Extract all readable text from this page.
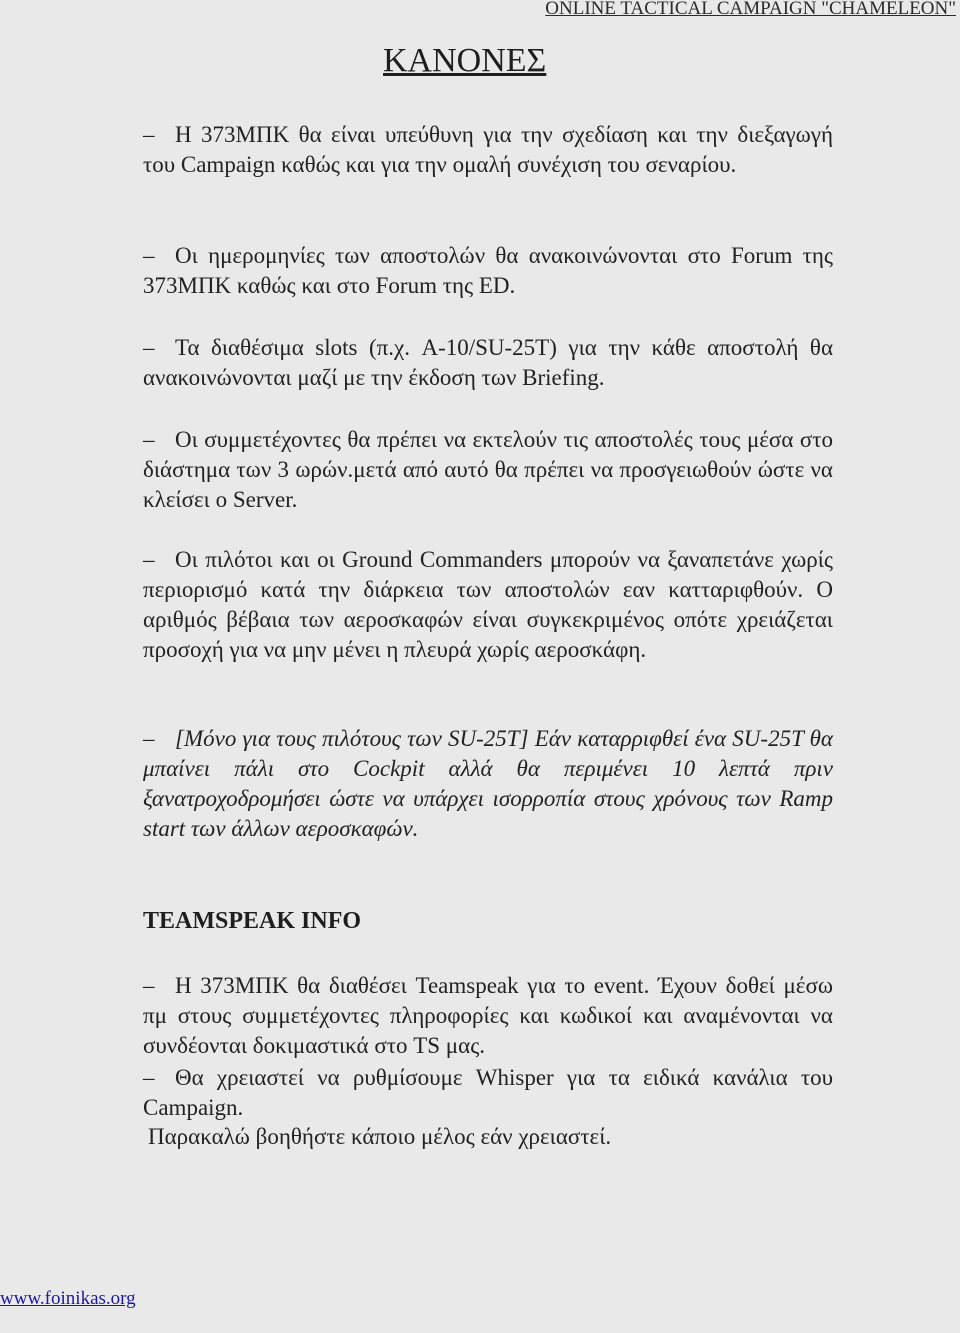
ONLINE TACTICAL CAMPAIGN "CHAMELEON"
ΚΑΝΟΝΕΣ
– Η 373ΜΠΚ θα είναι υπεύθυνη για την σχεδίαση και την διεξαγωγή του Campaign καθώς και για την ομαλή συνέχιση του σεναρίου.
– Οι ημερομηνίες των αποστολών θα ανακοινώνονται στο Forum της 373ΜΠΚ καθώς και στο Forum της ED.
– Τα διαθέσιμα slots (π.χ. A-10/SU-25T) για την κάθε αποστολή θα ανακοινώνονται μαζί με την έκδοση των Briefing.
– Οι συμμετέχοντες θα πρέπει να εκτελούν τις αποστολές τους μέσα στο διάστημα των 3 ωρών.μετά από αυτό θα πρέπει να προσγειωθούν ώστε να κλείσει ο Server.
– Οι πιλότοι και οι Ground Commanders μπορούν να ξαναπετάνε χωρίς περιορισμό κατά την διάρκεια των αποστολών εαν κατταριφθούν. Ο αριθμός βέβαια των αεροσκαφών είναι συγκεκριμένος οπότε χρειάζεται προσοχή για να μην μένει η πλευρά χωρίς αεροσκάφη.
– [Μόνο για τους πιλότους των SU-25T] Εάν καταρριφθεί ένα SU-25T θα μπαίνει πάλι στο Cockpit αλλά θα περιμένει 10 λεπτά πριν ξανατροχοδρομήσει ώστε να υπάρχει ισορροπία στους χρόνους των Ramp start των άλλων αεροσκαφών.
TEAMSPEAK INFO
– Η 373ΜΠΚ θα διαθέσει Teamspeak για το event. Έχουν δοθεί μέσω πμ στους συμμετέχοντες πληροφορίες και κωδικοί και αναμένονται να συνδέονται δοκιμαστικά στο TS μας.
– Θα χρειαστεί να ρυθμίσουμε Whisper για τα ειδικά κανάλια του Campaign.
Παρακαλώ βοηθήστε κάποιο μέλος εάν χρειαστεί.
www.foinikas.org
